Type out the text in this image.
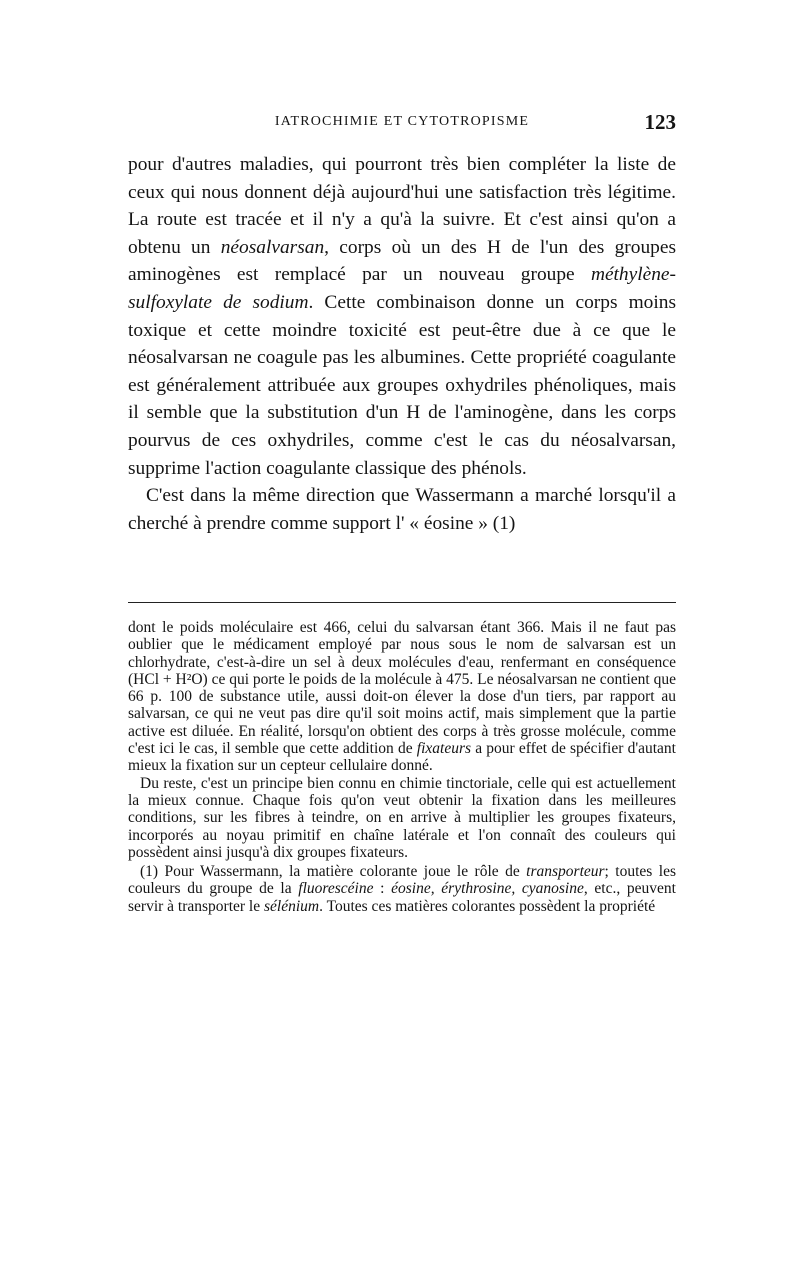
IATROCHIMIE ET CYTOTROPISME	123

pour d'autres maladies, qui pourront très bien compléter la liste de ceux qui nous donnent déjà aujourd'hui une satisfaction très légitime. La route est tracée et il n'y a qu'à la suivre. Et c'est ainsi qu'on a obtenu un néosalvarsan, corps où un des H de l'un des groupes aminogènes est remplacé par un nouveau groupe méthylène-sulfoxylate de sodium. Cette combinaison donne un corps moins toxique et cette moindre toxicité est peut-être due à ce que le néosalvarsan ne coagule pas les albumines. Cette propriété coagulante est généralement attribuée aux groupes oxhydriles phénoliques, mais il semble que la substitution d'un H de l'aminogène, dans les corps pourvus de ces oxhydriles, comme c'est le cas du néosalvarsan, supprime l'action coagulante classique des phénols.

C'est dans la même direction que Wassermann a marché lorsqu'il a cherché à prendre comme support l' « éosine » (1)

dont le poids moléculaire est 466, celui du salvarsan étant 366. Mais il ne faut pas oublier que le médicament employé par nous sous le nom de salvarsan est un chlorhydrate, c'est-à-dire un sel à deux molécules d'eau, renfermant en conséquence (HCl + H²O) ce qui porte le poids de la molécule à 475. Le néosalvarsan ne contient que 66 p. 100 de substance utile, aussi doit-on élever la dose d'un tiers, par rapport au salvarsan, ce qui ne veut pas dire qu'il soit moins actif, mais simplement que la partie active est diluée. En réalité, lorsqu'on obtient des corps à très grosse molécule, comme c'est ici le cas, il semble que cette addition de fixateurs a pour effet de spécifier d'autant mieux la fixation sur un cepteur cellulaire donné.

Du reste, c'est un principe bien connu en chimie tinctoriale, celle qui est actuellement la mieux connue. Chaque fois qu'on veut obtenir la fixation dans les meilleures conditions, sur les fibres à teindre, on en arrive à multiplier les groupes fixateurs, incorporés au noyau primitif en chaîne latérale et l'on connaît des couleurs qui possèdent ainsi jusqu'à dix groupes fixateurs.

(1) Pour Wassermann, la matière colorante joue le rôle de transporteur; toutes les couleurs du groupe de la fluorescéine : éosine, érythrosine, cyanosine, etc., peuvent servir à transporter le sélénium. Toutes ces matières colorantes possèdent la propriété
